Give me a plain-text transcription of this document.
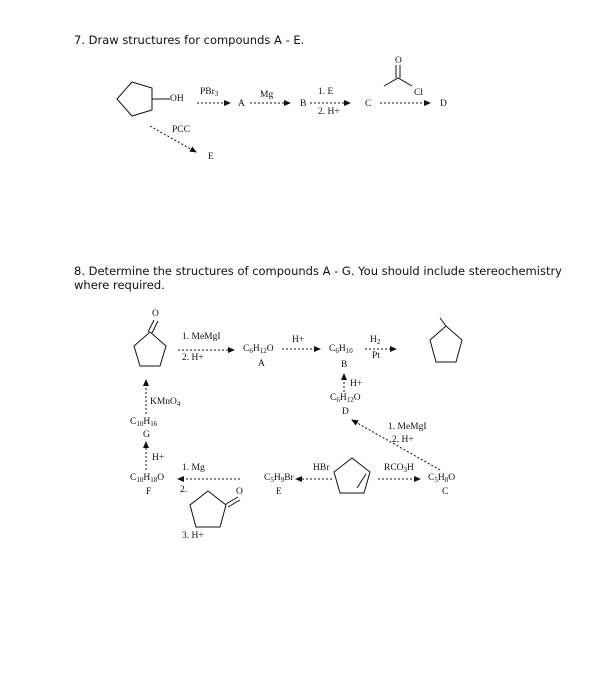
7. Draw structures for compounds A - E.
OH
PBr$_3$
A
Mg
B
1. E
2. H+
C
O
Cl
D
PCC
E
8. Determine the structures of compounds A - G. You should include stereochemistry
where required.
O
1. MeMgI
2. H+
$C_6H_{12}O$
A
H+
$C_6H_{10}$
B
$H_2$
Pt
KMnO$_4$
H+
$C_6H_{12}O$
D
$C_{10}H_{16}$
G
1. MeMgI
2. H+
H+
$C_{10}H_{18}O$
F
1. Mg
2.	O
3. H+
$C_5H_9Br$
E
HBr	$RCO_3H$
$C_5H_8O$
C
